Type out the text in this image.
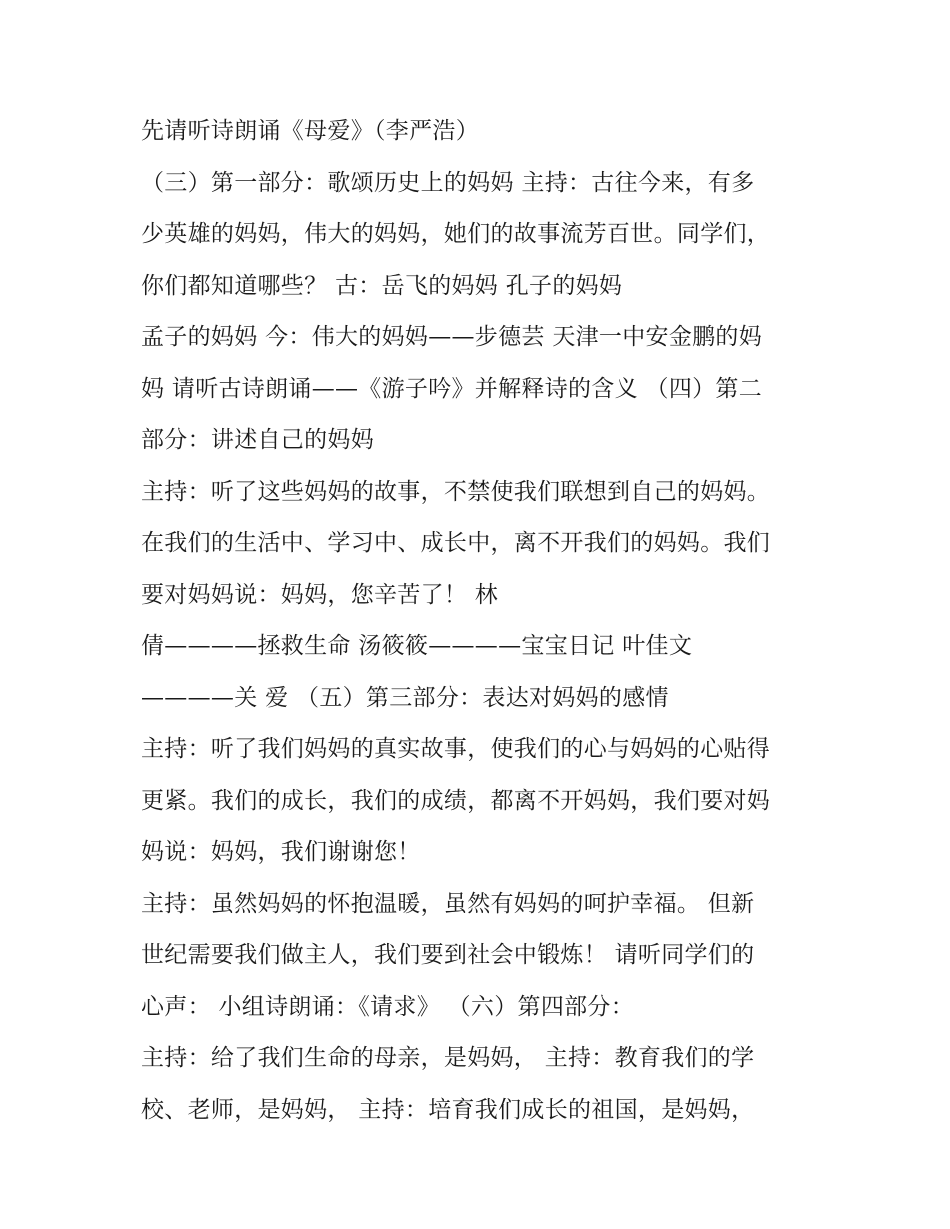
先请听诗朗诵《母爱》（李严浩）
（三）第一部分：歌颂历史上的妈妈 主持：古往今来，有多
少英雄的妈妈，伟大的妈妈，她们的故事流芳百世。同学们，
你们都知道哪些？ 古：岳飞的妈妈 孔子的妈妈
孟子的妈妈 今：伟大的妈妈——步德芸 天津一中安金鹏的妈
妈 请听古诗朗诵——《游子吟》并解释诗的含义 （四）第二
部分：讲述自己的妈妈
主持：听了这些妈妈的故事，不禁使我们联想到自己的妈妈。
在我们的生活中、学习中、成长中，离不开我们的妈妈。我们
要对妈妈说：妈妈，您辛苦了！ 林
倩————拯救生命 汤筱筱————宝宝日记 叶佳文
————关 爱 （五）第三部分：表达对妈妈的感情
主持：听了我们妈妈的真实故事，使我们的心与妈妈的心贴得
更紧。我们的成长，我们的成绩，都离不开妈妈，我们要对妈
妈说：妈妈，我们谢谢您！
主持：虽然妈妈的怀抱温暖，虽然有妈妈的呵护幸福。 但新
世纪需要我们做主人，我们要到社会中锻炼！ 请听同学们的
心声： 小组诗朗诵：《请求》 （六）第四部分：
主持：给了我们生命的母亲，是妈妈， 主持：教育我们的学
校、老师，是妈妈， 主持：培育我们成长的祖国，是妈妈，
